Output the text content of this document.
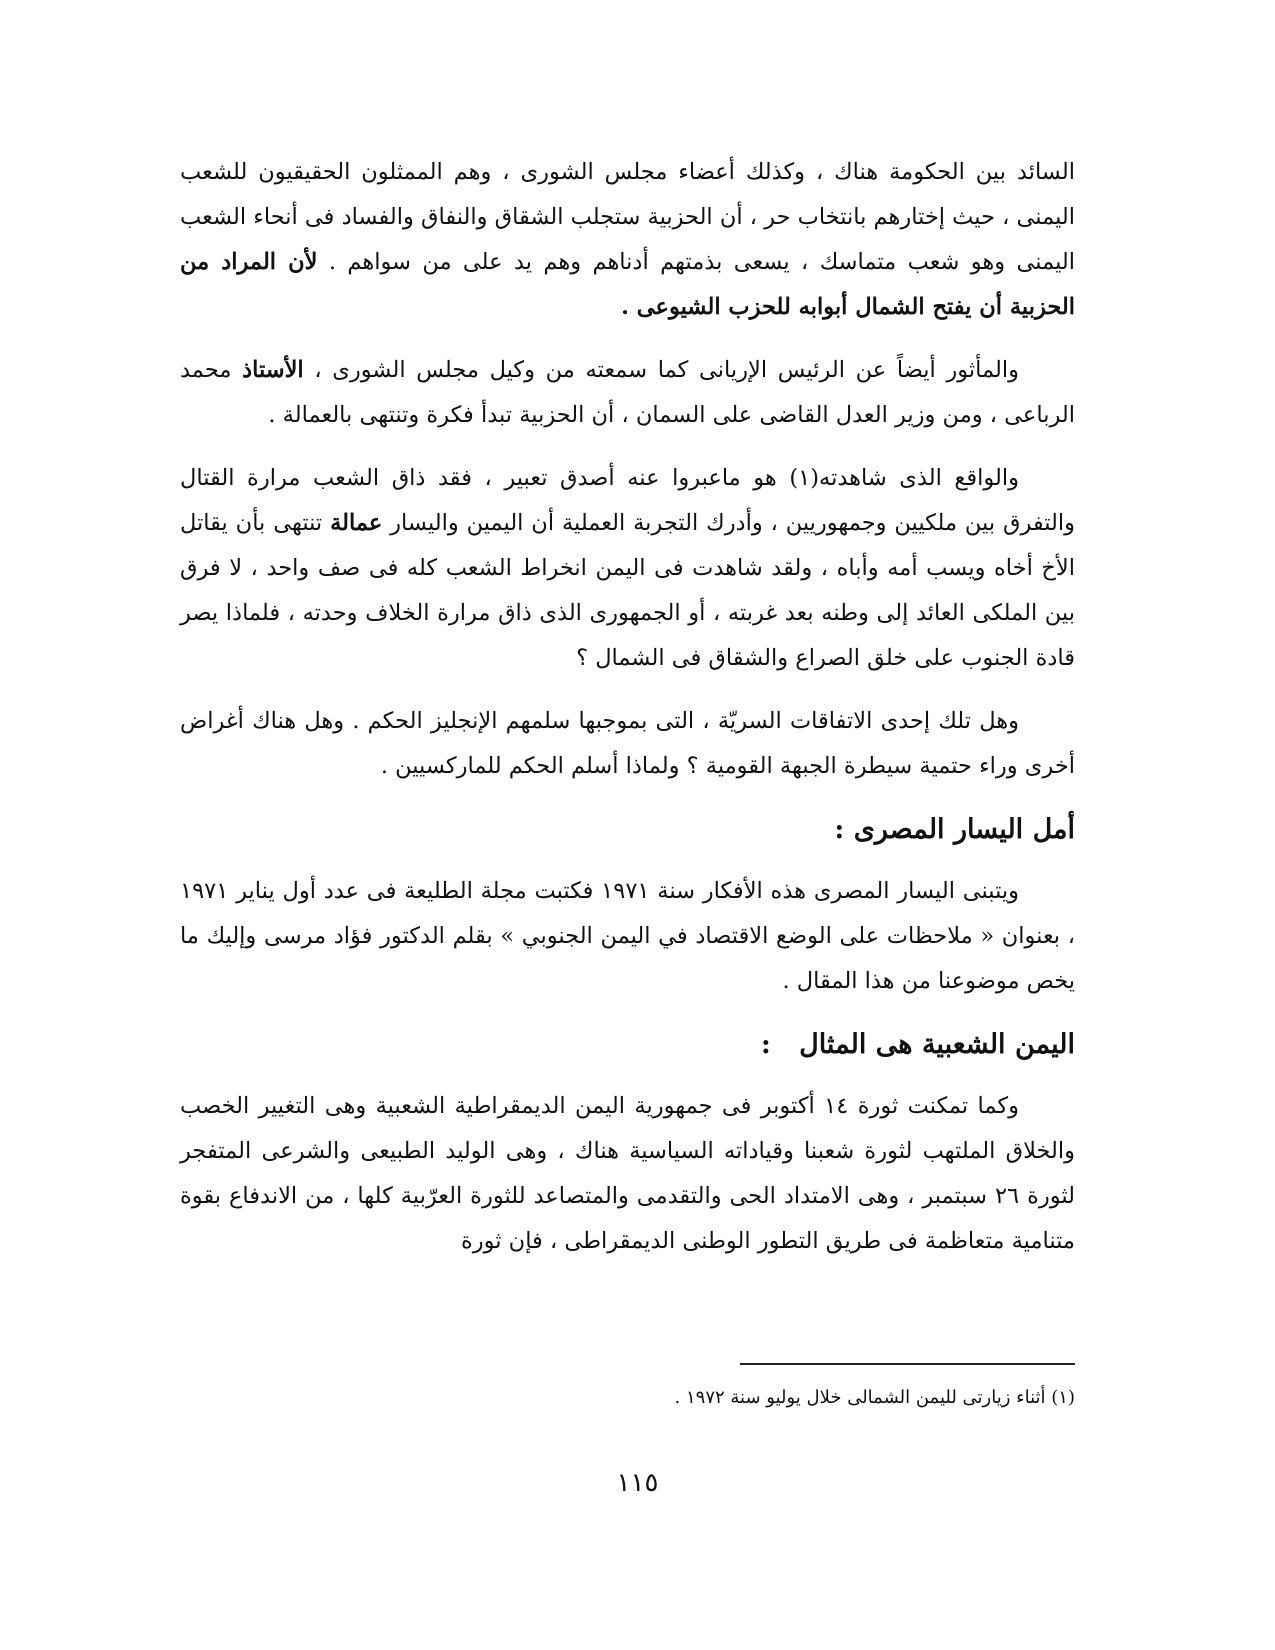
السائد بين الحكومة هناك ، وكذلك أعضاء مجلس الشورى ، وهم الممثلون الحقيقيون للشعب اليمنى ، حيث إختارهم بانتخاب حر ، أن الحزبية ستجلب الشقاق والنفاق والفساد فى أنحاء الشعب اليمنى وهو شعب متماسك ، يسعى بذمتهم أدناهم وهم يد على من سواهم . لأن المراد من الحزبية أن يفتح الشمال أبوابه للحزب الشيوعى .

والمأثور أيضاً عن الرئيس الإريانى كما سمعته من وكيل مجلس الشورى ، الأستاذ محمد الرباعى ، ومن وزير العدل القاضى على السمان ، أن الحزبية تبدأ فكرة وتنتهى بالعمالة .

والواقع الذى شاهدته(١) هو ماعبروا عنه أصدق تعبير ، فقد ذاق الشعب مرارة القتال والتفرق بين ملكيين وجمهوريين ، وأدرك التجربة العملية أن اليمين واليسار عمالة تنتهى بأن يقاتل الأخ أخاه ويسب أمه وأباه ، ولقد شاهدت فى اليمن انخراط الشعب كله فى صف واحد ، لا فرق بين الملكى العائد إلى وطنه بعد غربته ، أو الجمهورى الذى ذاق مرارة الخلاف وحدته ، فلماذا يصر قادة الجنوب على خلق الصراع والشقاق فى الشمال ؟

وهل تلك إحدى الاتفاقات السريّة ، التى بموجبها سلمهم الإنجليز الحكم . وهل هناك أغراض أخرى وراء حتمية سيطرة الجبهة القومية ؟ ولماذا أسلم الحكم للماركسيين .

أمل اليسار المصرى :

ويتبنى اليسار المصرى هذه الأفكار سنة ١٩٧١ فكتبت مجلة الطليعة فى عدد أول يناير ١٩٧١ ، بعنوان « ملاحظات على الوضع الاقتصاد في اليمن الجنوبي » بقلم الدكتور فؤاد مرسى وإليك ما يخص موضوعنا من هذا المقال .

اليمن الشعبية هى المثال   :

وكما تمكنت ثورة ١٤ أكتوبر فى جمهورية اليمن الديمقراطية الشعبية وهى التغيير الخصب والخلاق الملتهب لثورة شعبنا وقياداته السياسية هناك ، وهى الوليد الطبيعى والشرعى المتفجر لثورة ٢٦ سبتمبر ، وهى الامتداد الحى والتقدمى والمتصاعد للثورة العرّبية كلها ، من الاندفاع بقوة متنامية متعاظمة فى طريق التطور الوطنى الديمقراطى ، فإن ثورة

(١) أثناء زيارتى لليمن الشمالى خلال يوليو سنة ١٩٧٢ .
١١٥
